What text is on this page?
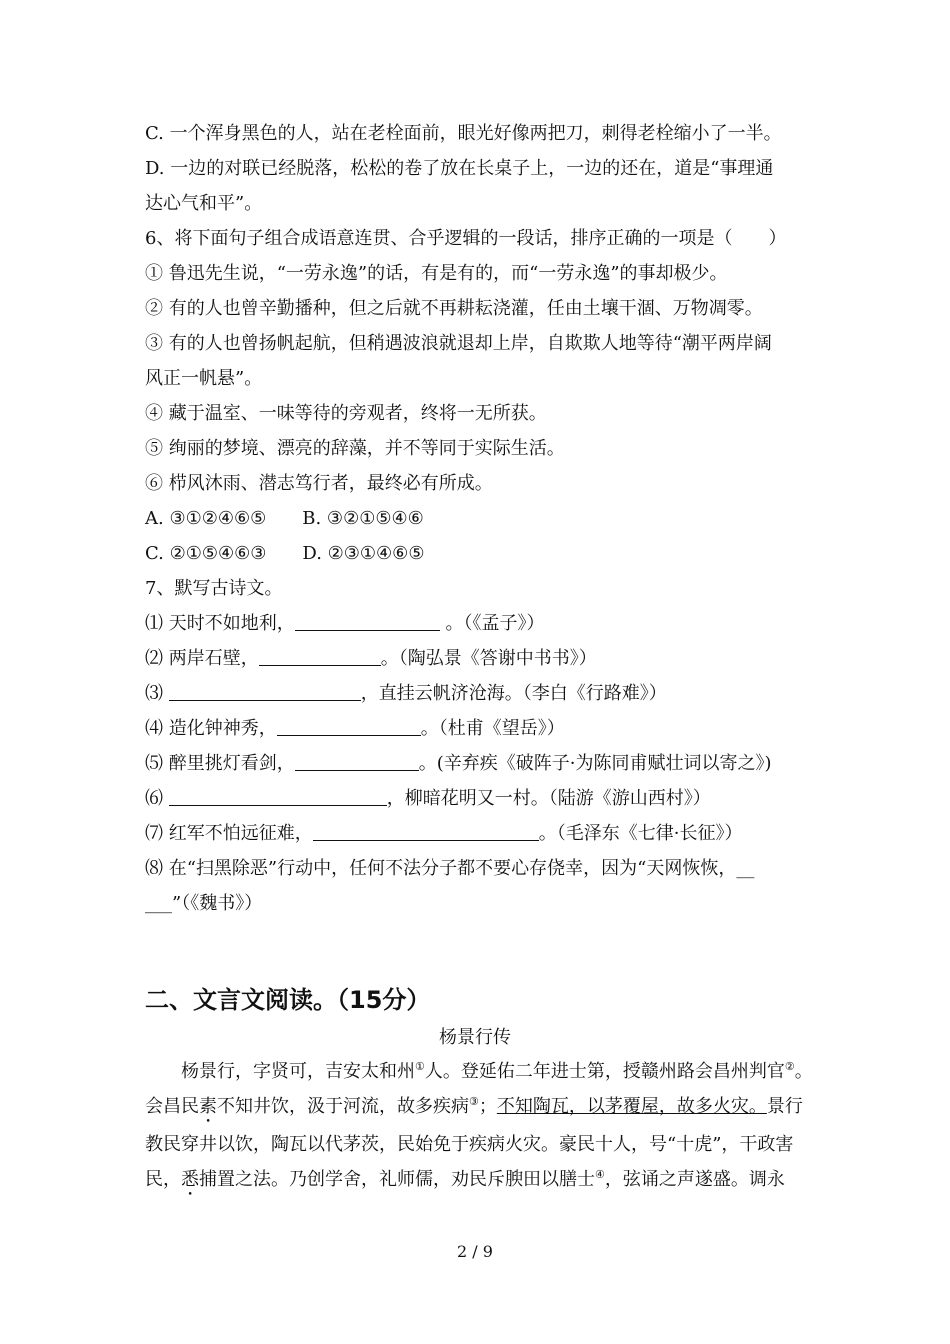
C. 一个浑身黑色的人，站在老栓面前，眼光好像两把刀，刺得老栓缩小了一半。
D. 一边的对联已经脱落，松松的卷了放在长桌子上，一边的还在，道是“事理通
达心气和平”。
6、将下面句子组合成语意连贯、合乎逻辑的一段话，排序正确的一项是（　　）
① 鲁迅先生说，“一劳永逸”的话，有是有的，而“一劳永逸”的事却极少。
② 有的人也曾辛勤播种，但之后就不再耕耘浇灌，任由土壤干涸、万物凋零。
③ 有的人也曾扬帆起航，但稍遇波浪就退却上岸，自欺欺人地等待“潮平两岸阔
风正一帆悬”。
④ 藏于温室、一味等待的旁观者，终将一无所获。
⑤ 绚丽的梦境、漂亮的辞藻，并不等同于实际生活。
⑥ 栉风沐雨、潜志笃行者，最终必有所成。
A. ③①②④⑥⑤ B. ③②①⑤④⑥
C. ②①⑤④⑥③ D. ②③①④⑥⑤
7、默写古诗文。
⑴ 天时不如地利，	。（《孟子》）
⑵ 两岸石壁，	。（陶弘景《答谢中书书》）
⑶	，直挂云帆济沧海。（李白《行路难》）
⑷ 造化钟神秀，	。（杜甫《望岳》）
⑸ 醉里挑灯看剑，	。(辛弃疾《破阵子·为陈同甫赋壮词以寄之》)
⑹	，柳暗花明又一村。（陆游《游山西村》）
⑺ 红军不怕远征难，	。（毛泽东《七律·长征》）
⑻ 在“扫黑除恶”行动中，任何不法分子都不要心存侥幸，因为“天网恢恢，__
___”（《魏书》）
二、文言文阅读。（15分）
杨景行传
杨景行，字贤可，吉安太和州①人。登延佑二年进士第，授赣州路会昌州判官②。会昌民素不知井饮，汲于河流，故多疾病③；不知陶瓦，以茅覆屋，故多火灾。景行教民穿井以饮，陶瓦以代茅茨，民始免于疾病火灾。豪民十人，号“十虎”，干政害民，悉捕置之法。乃创学舍，礼师儒，劝民斥腴田以膳士④，弦诵之声遂盛。调永
2 / 9
